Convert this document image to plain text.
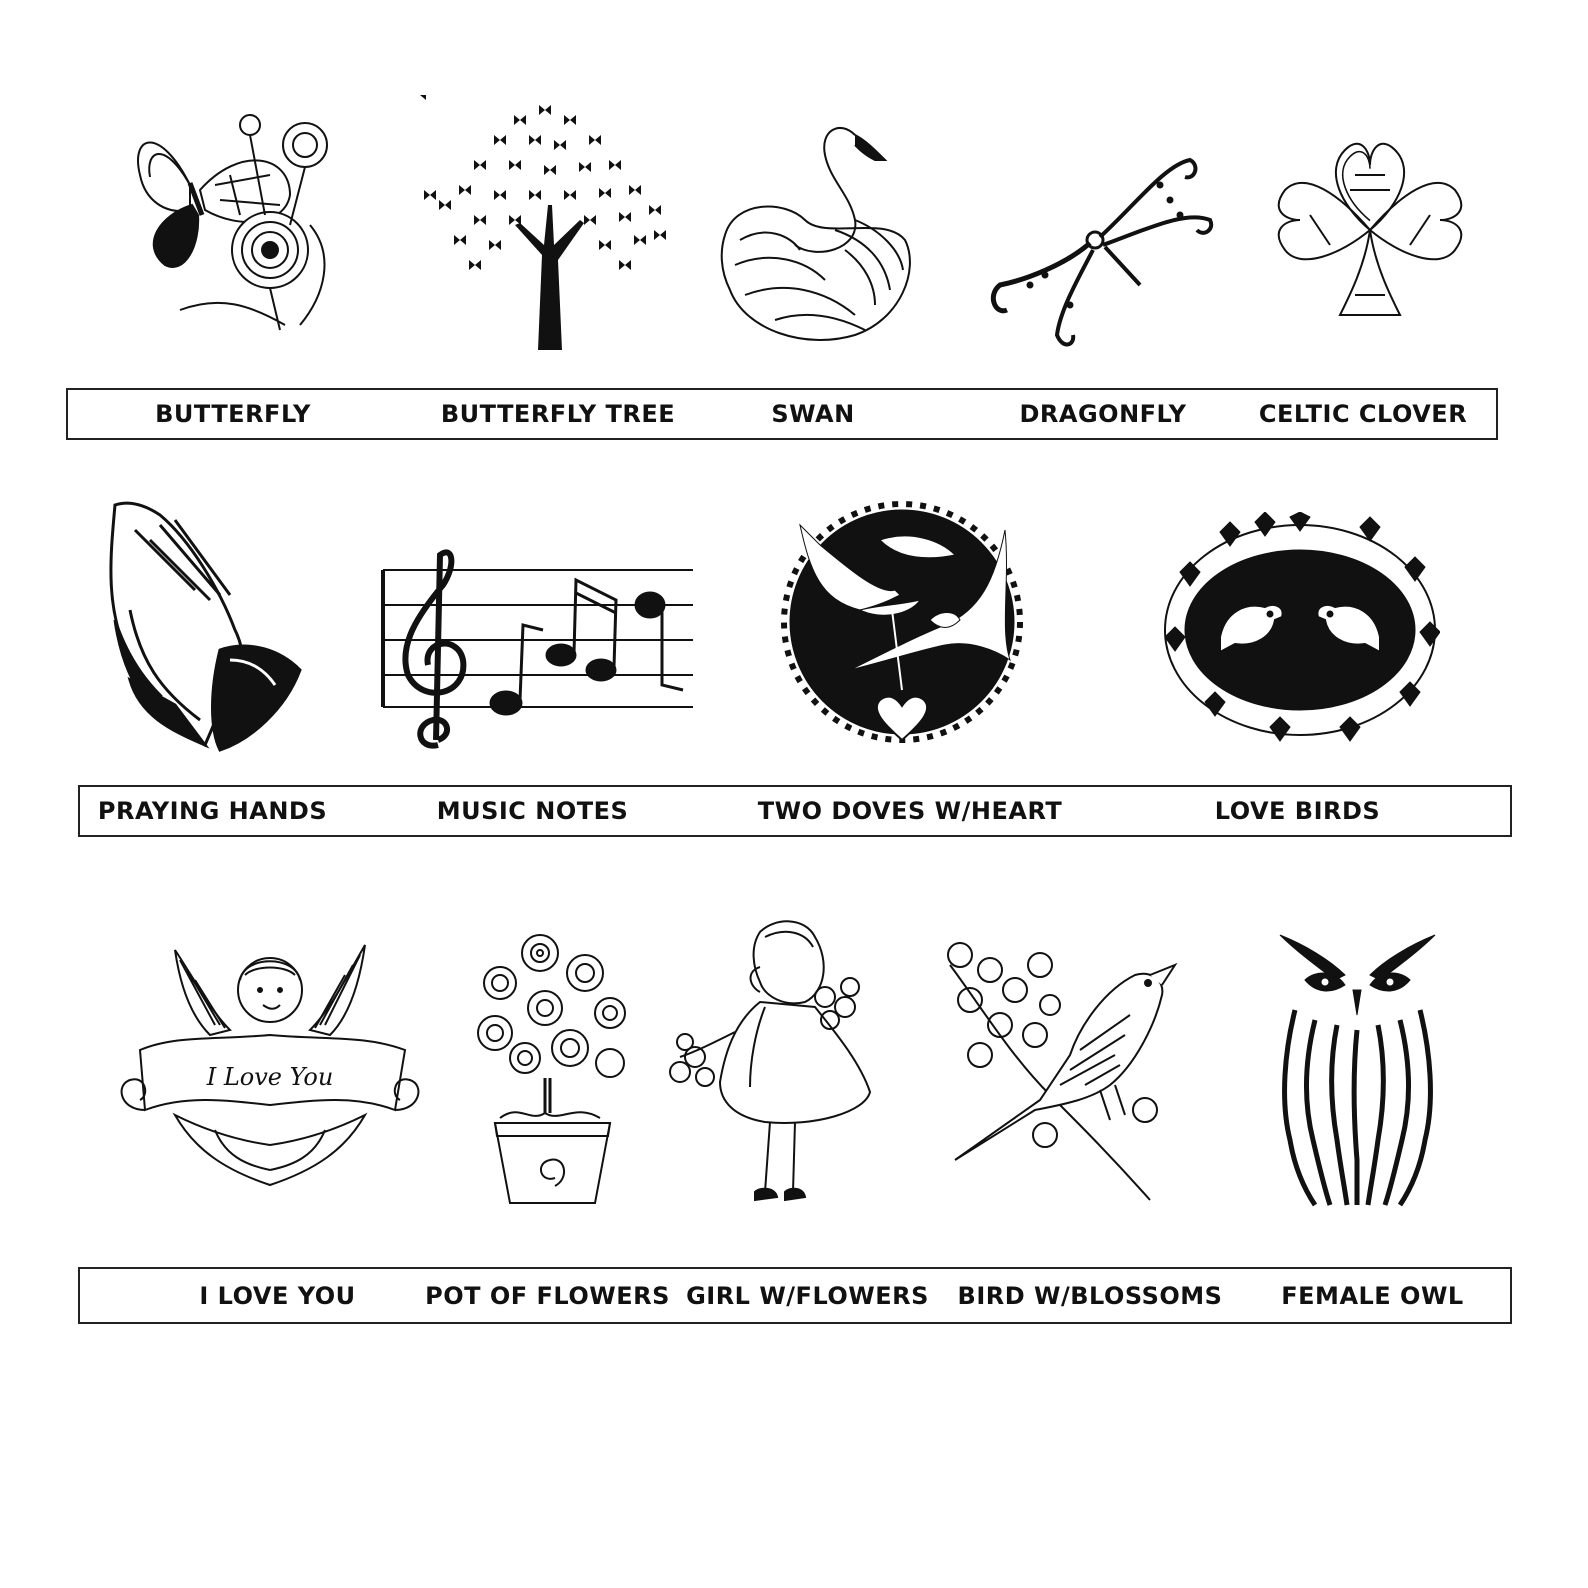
BUTTERFLY	BUTTERFLY TREE	SWAN	DRAGONFLY	CELTIC CLOVER
PRAYING HANDS	MUSIC NOTES	TWO DOVES W/HEART	LOVE BIRDS
I Love You
I LOVE YOU	POT OF FLOWERS GIRL W/FLOWERS BIRD W/BLOSSOMS FEMALE OWL
